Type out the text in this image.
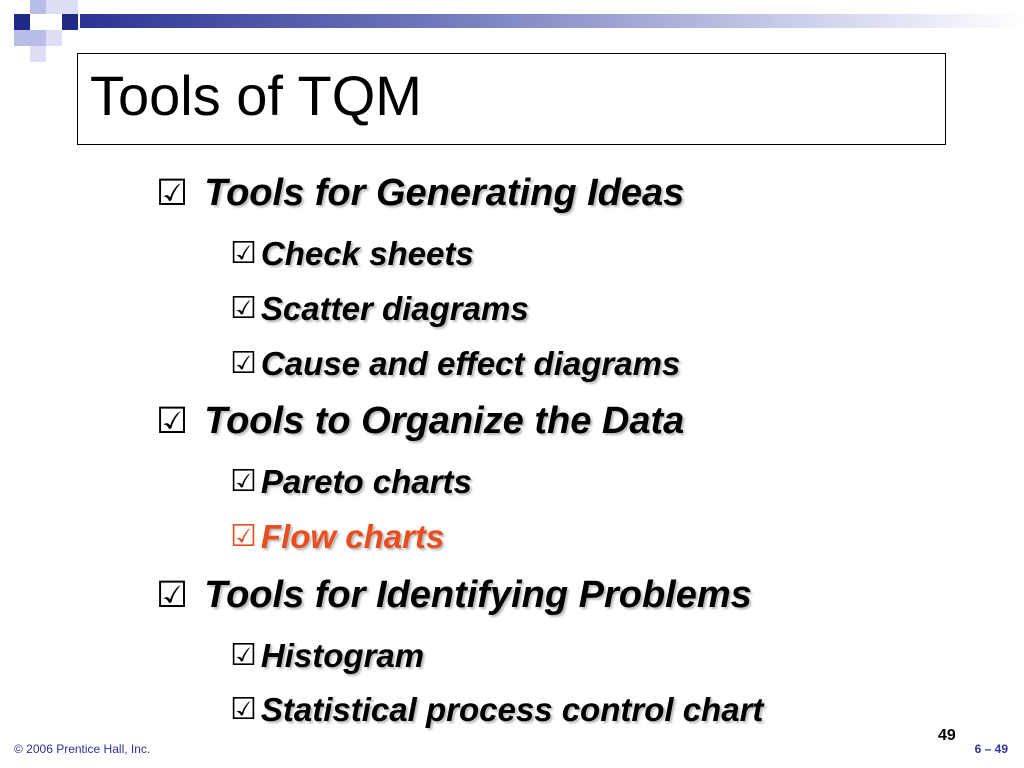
Tools of TQM
☑ Tools for Generating Ideas
☑ Check sheets
☑ Scatter diagrams
☑ Cause and effect diagrams
☑ Tools to Organize the Data
☑ Pareto charts
☑ Flow charts
☑ Tools for Identifying Problems
☑ Histogram
☑ Statistical process control chart
© 2006 Prentice Hall, Inc.
49
6 – 49
